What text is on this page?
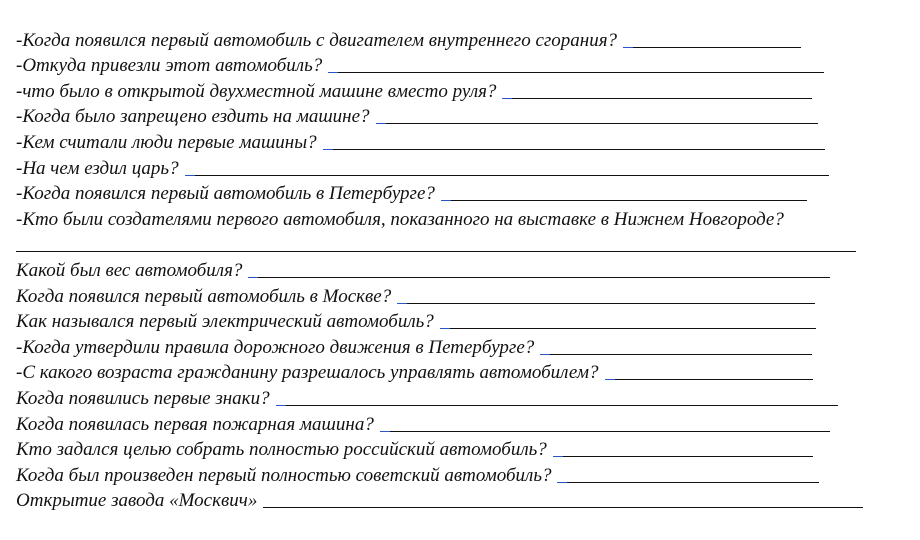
-Когда появился первый автомобиль с двигателем внутреннего сгорания?
-Откуда привезли этот автомобиль?
-что было в открытой двухместной машине вместо руля?
-Когда было запрещено ездить на машине?
-Кем считали люди первые машины?
-На чем ездил царь?
-Когда появился первый автомобиль в Петербурге?
-Кто были создателями первого автомобиля, показанного на выставке в Нижнем Новгороде?
Какой был вес автомобиля?
Когда появился первый автомобиль в Москве?
Как назывался первый электрический автомобиль?
-Когда утвердили правила дорожного движения в Петербурге?
-С какого возраста гражданину разрешалось управлять автомобилем?
Когда появились первые знаки?
Когда появилась первая пожарная машина?
Кто задался целью собрать полностью российский автомобиль?
Когда был произведен первый полностью советский автомобиль?
Открытие завода «Москвич»
